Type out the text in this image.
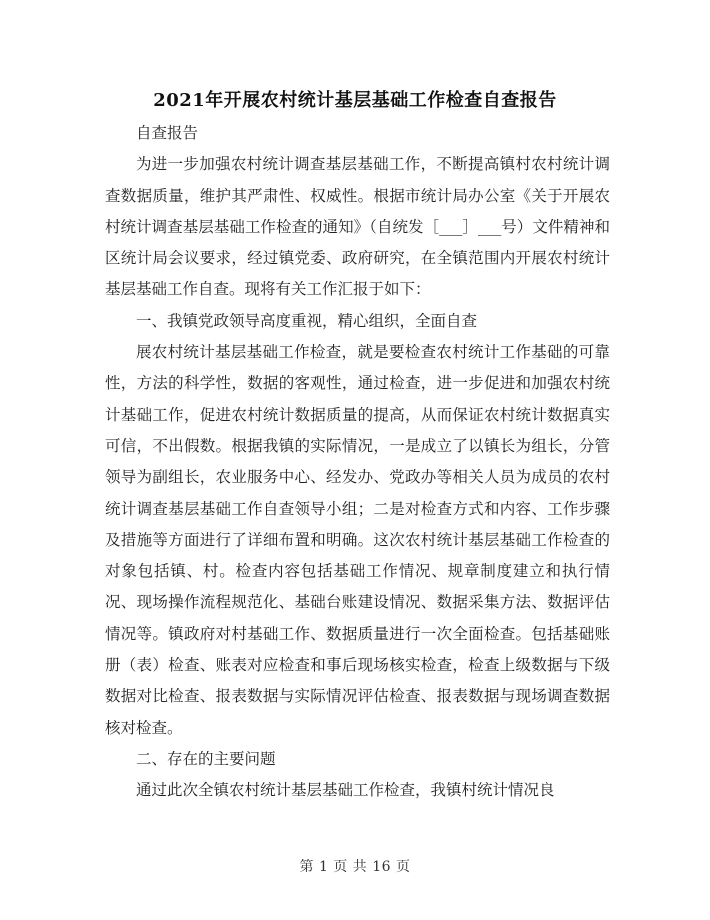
2021年开展农村统计基层基础工作检查自查报告

自查报告

为进一步加强农村统计调查基层基础工作，不断提高镇村农村统计调查数据质量，维护其严肃性、权威性。根据市统计局办公室《关于开展农村统计调查基层基础工作检查的通知》（自统发［___］___号）文件精神和区统计局会议要求，经过镇党委、政府研究，在全镇范围内开展农村统计基层基础工作自查。现将有关工作汇报于如下：

一、我镇党政领导高度重视，精心组织，全面自查

展农村统计基层基础工作检查，就是要检查农村统计工作基础的可靠性，方法的科学性，数据的客观性，通过检查，进一步促进和加强农村统计基础工作，促进农村统计数据质量的提高，从而保证农村统计数据真实可信，不出假数。根据我镇的实际情况，一是成立了以镇长为组长，分管领导为副组长，农业服务中心、经发办、党政办等相关人员为成员的农村统计调查基层基础工作自查领导小组；二是对检查方式和内容、工作步骤及措施等方面进行了详细布置和明确。这次农村统计基层基础工作检查的对象包括镇、村。检查内容包括基础工作情况、规章制度建立和执行情况、现场操作流程规范化、基础台账建设情况、数据采集方法、数据评估情况等。镇政府对村基础工作、数据质量进行一次全面检查。包括基础账册（表）检查、账表对应检查和事后现场核实检查，检查上级数据与下级数据对比检查、报表数据与实际情况评估检查、报表数据与现场调查数据核对检查。

二、存在的主要问题

通过此次全镇农村统计基层基础工作检查，我镇村统计情况良

第 1 页 共 16 页
